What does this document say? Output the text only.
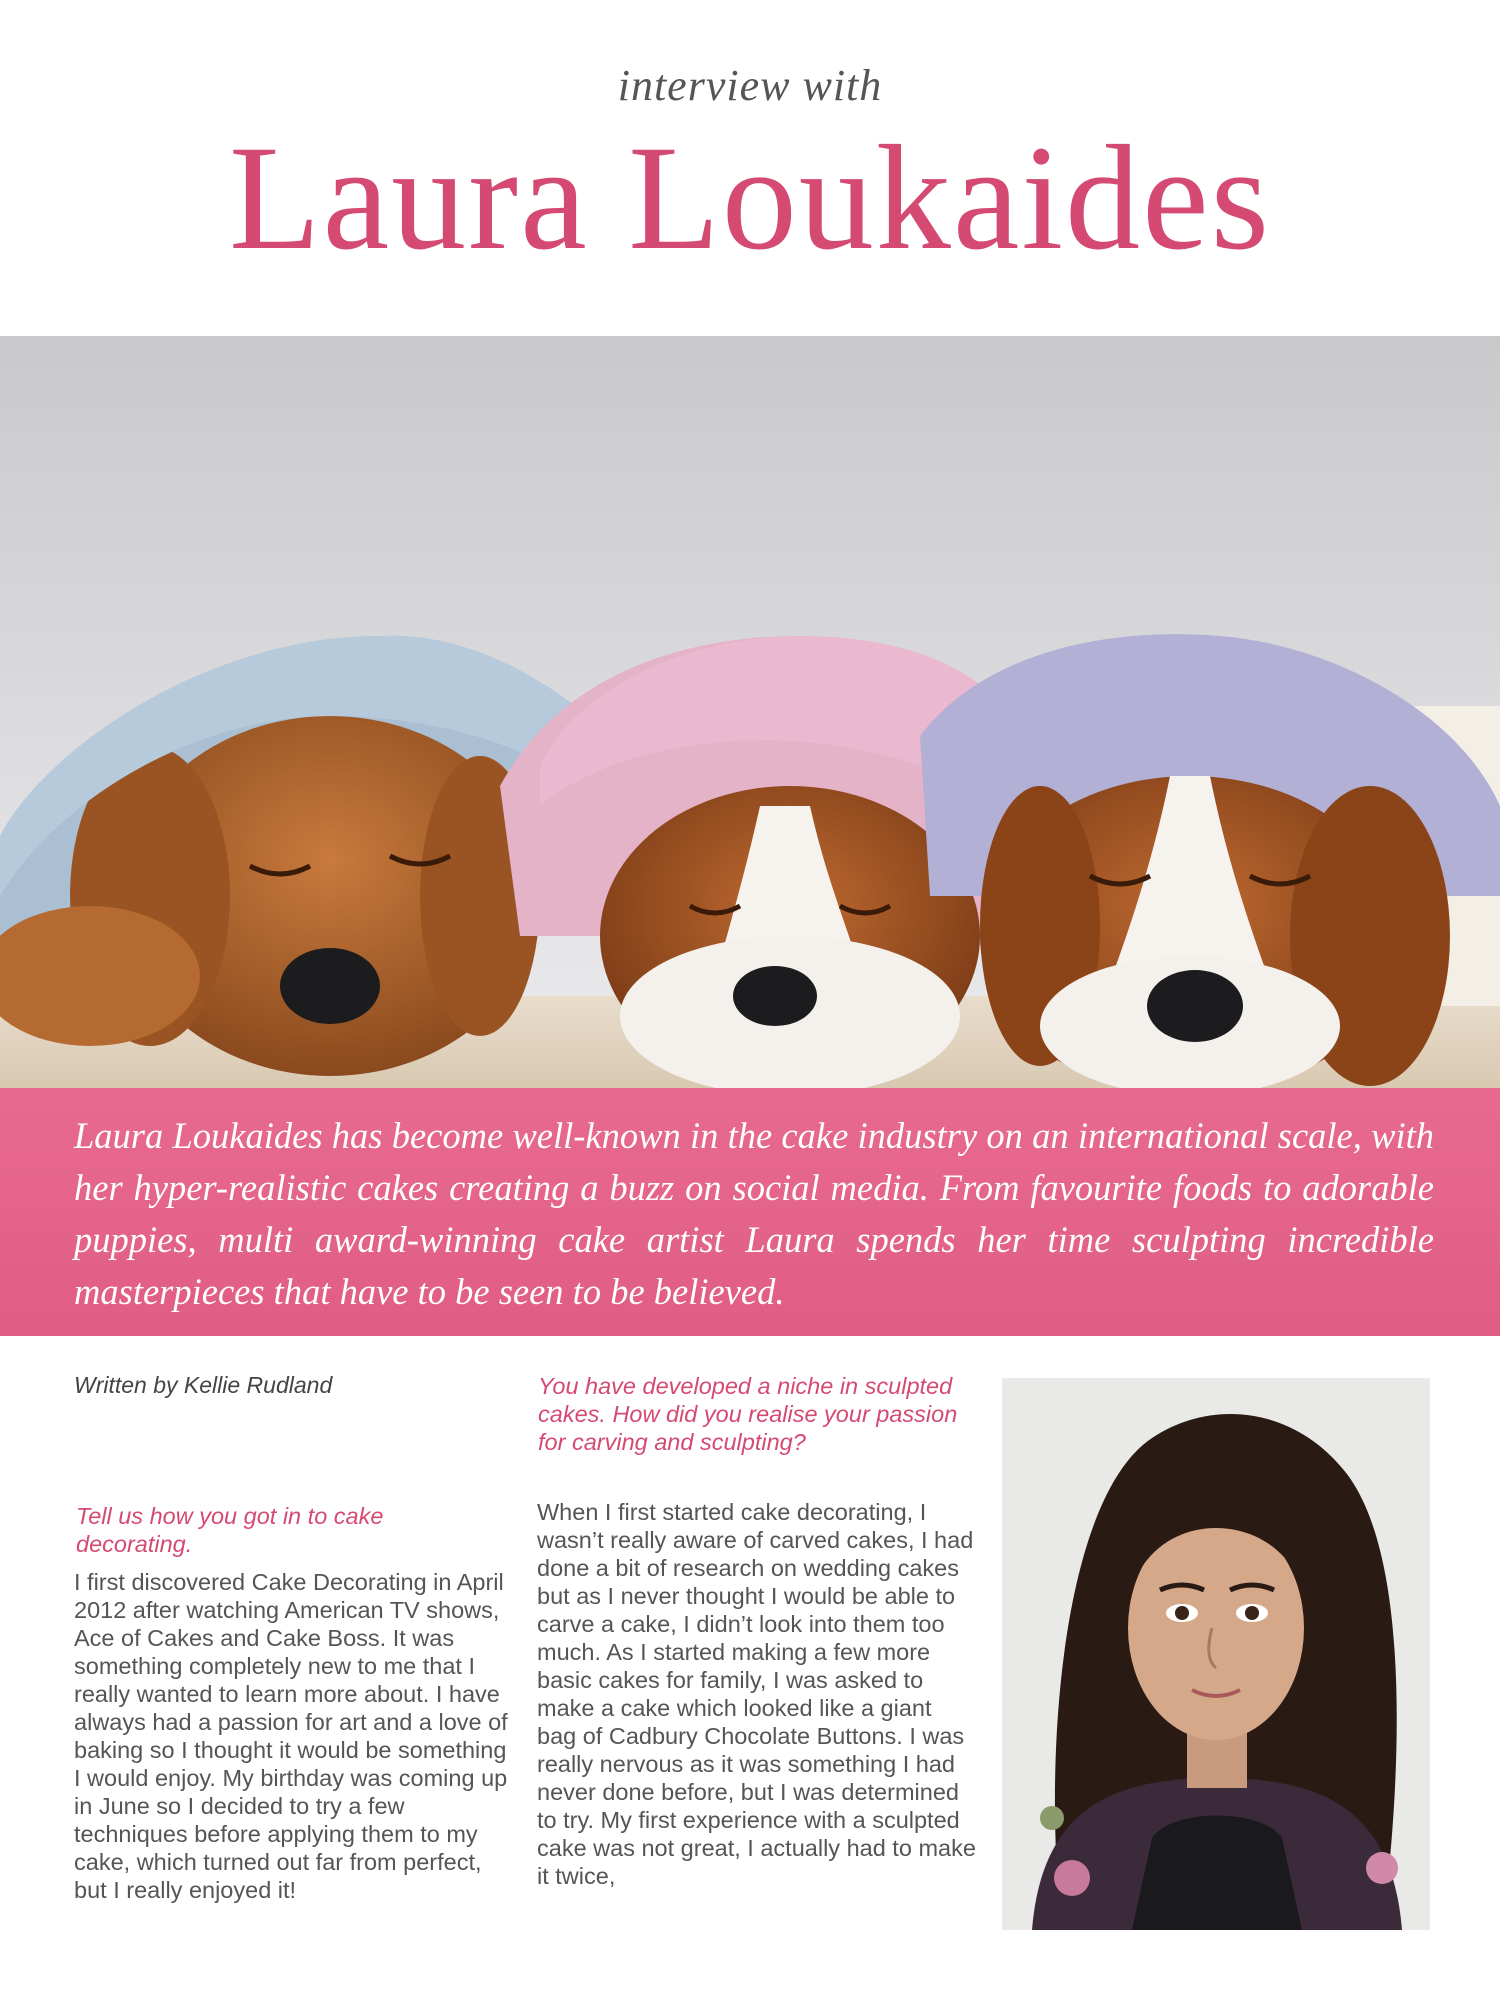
interview with
Laura Loukaides
Laura Loukaides has become well-known in the cake industry on an international scale, with her hyper-realistic cakes creating a buzz on social media. From favourite foods to adorable puppies, multi award-winning cake artist Laura spends her time sculpting incredible masterpieces that have to be seen to be believed.
Written by Kellie Rudland
Tell us how you got in to cake decorating.
I first discovered Cake Decorating in April 2012 after watching American TV shows, Ace of Cakes and Cake Boss. It was something completely new to me that I really wanted to learn more about. I have always had a passion for art and a love of baking so I thought it would be something I would enjoy. My birthday was coming up in June so I decided to try a few techniques before applying them to my cake, which turned out far from perfect, but I really enjoyed it!
You have developed a niche in sculpted cakes. How did you realise your passion for carving and sculpting?
When I first started cake decorating, I wasn’t really aware of carved cakes, I had done a bit of research on wedding cakes but as I never thought I would be able to carve a cake, I didn’t look into them too much. As I started making a few more basic cakes for family, I was asked to make a cake which looked like a giant bag of Cadbury Chocolate Buttons. I was really nervous as it was something I had never done before, but I was determined to try. My first experience with a sculpted cake was not great, I actually had to make it twice,
